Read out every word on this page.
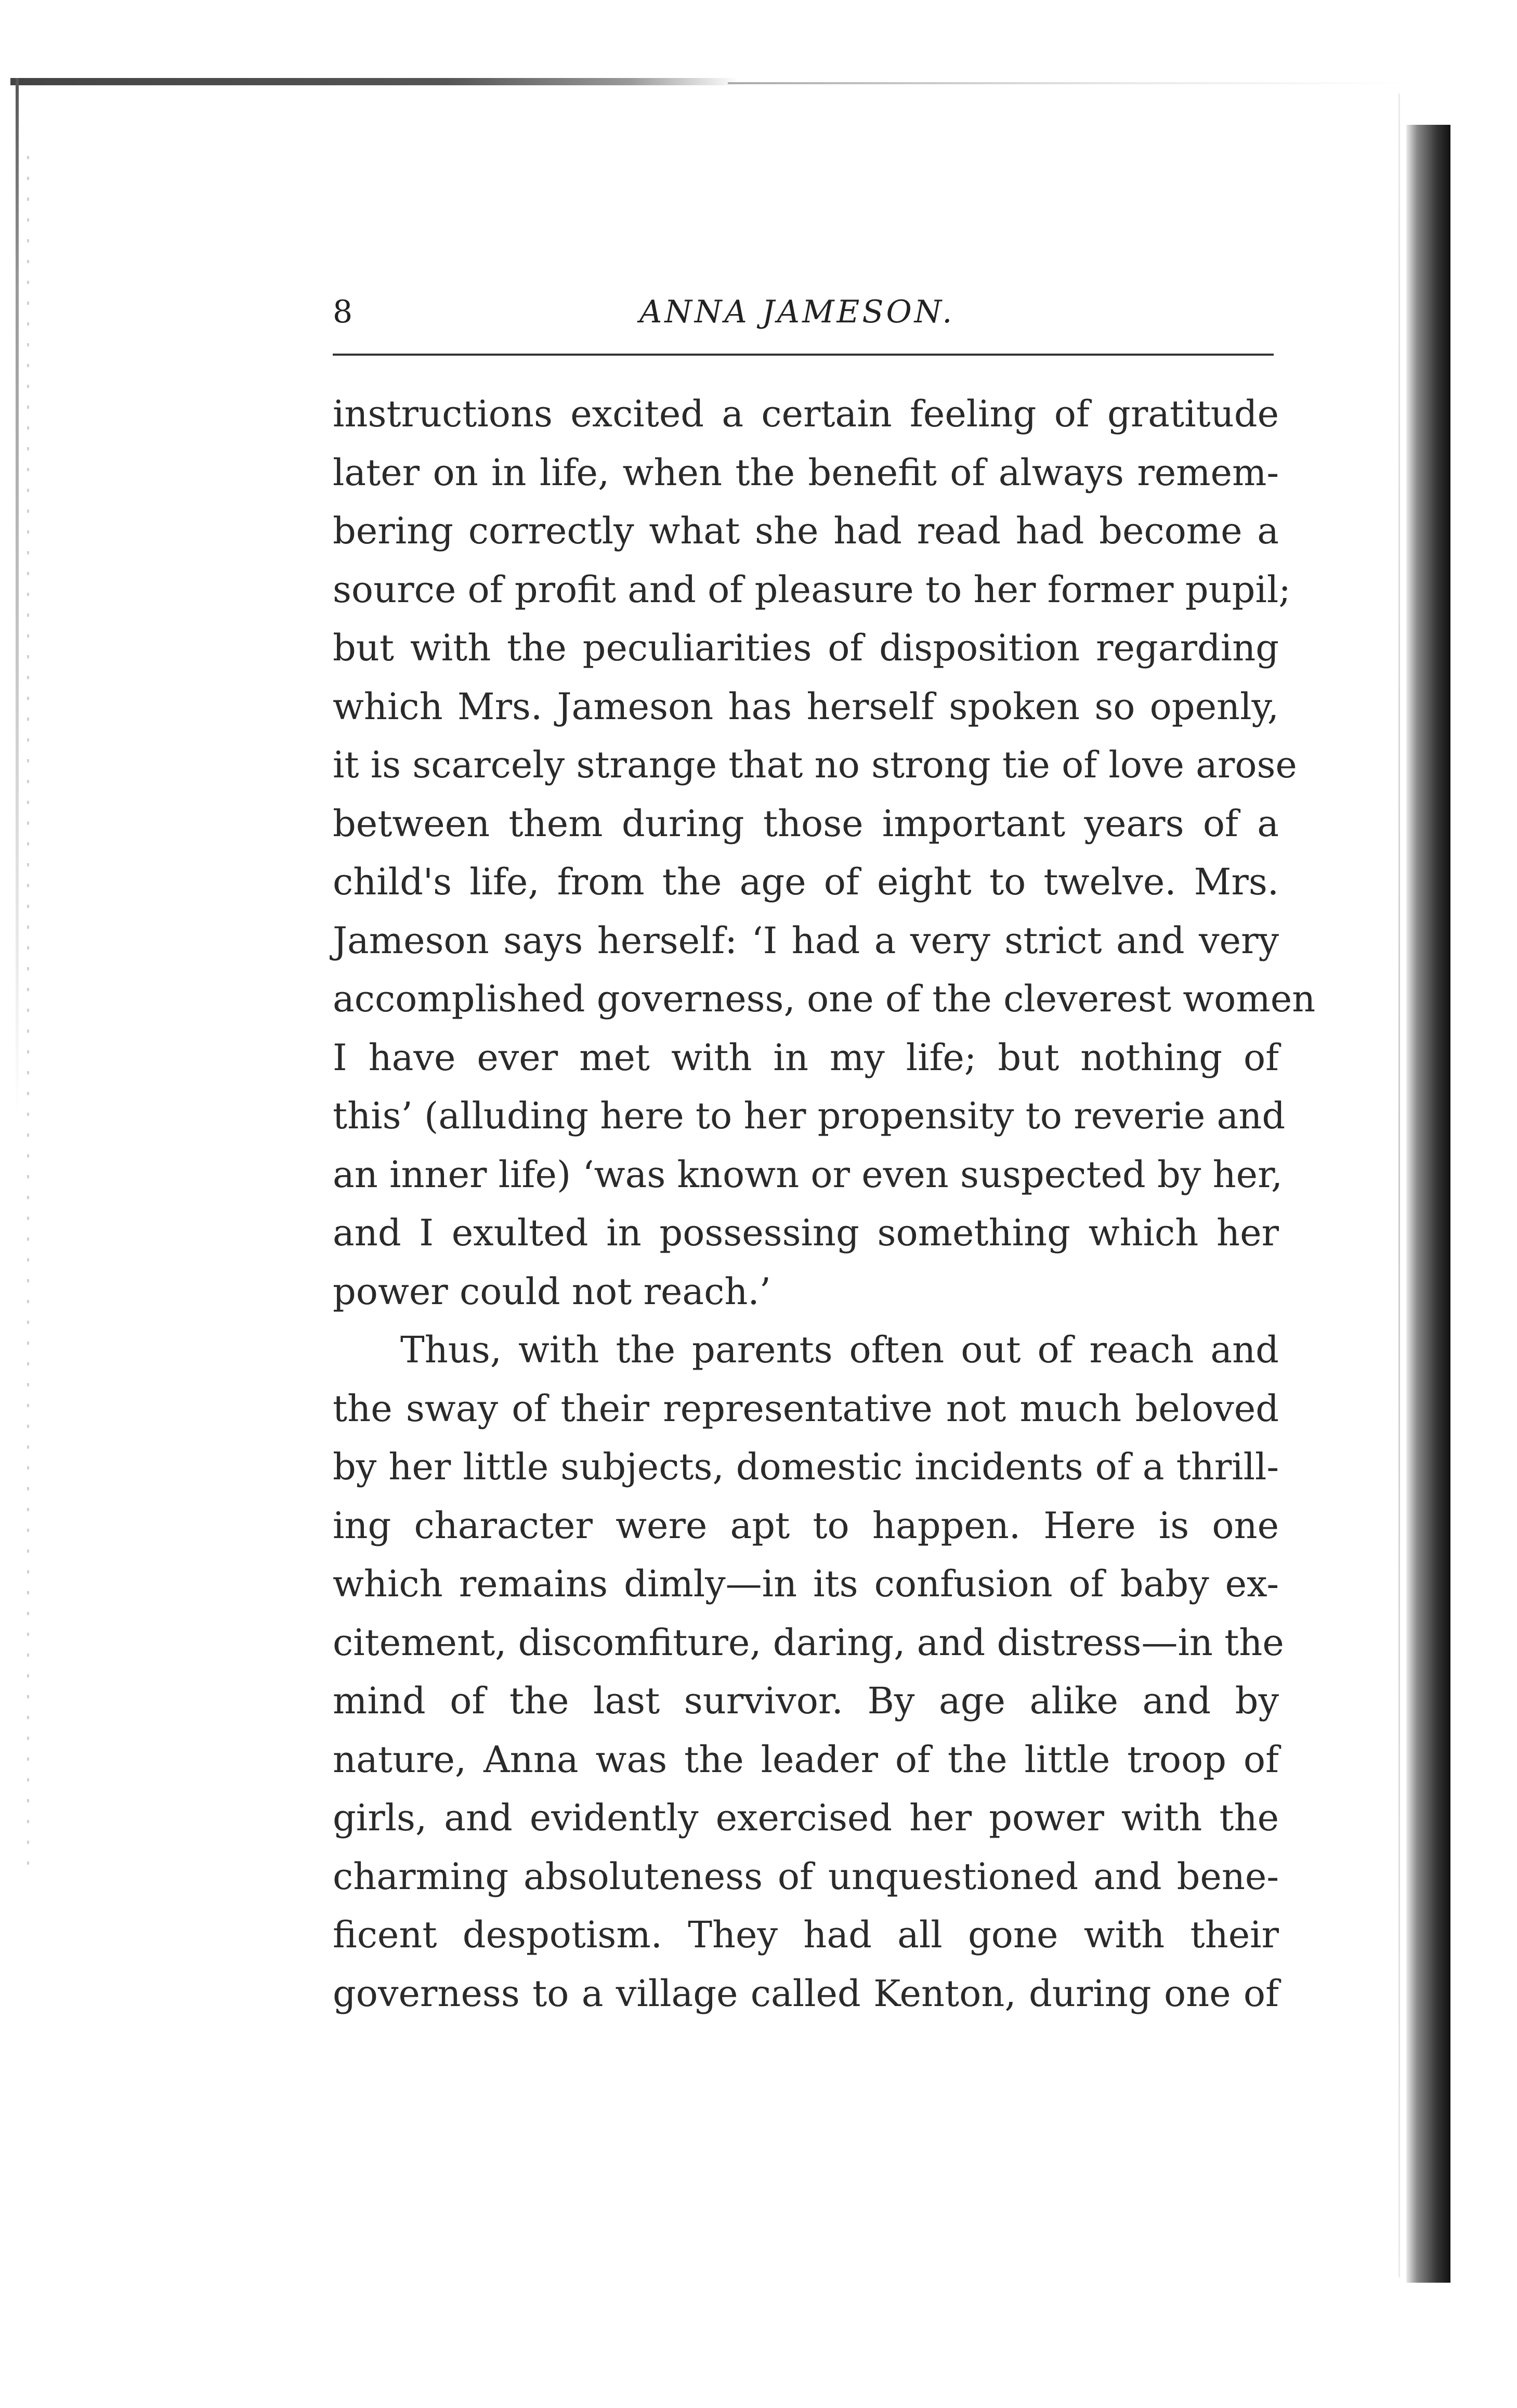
8	ANNA JAMESON.
instructions excited a certain feeling of gratitude
later on in life, when the benefit of always remem-
bering correctly what she had read had become a
source of profit and of pleasure to her former pupil;
but with the peculiarities of disposition regarding
which Mrs. Jameson has herself spoken so openly,
it is scarcely strange that no strong tie of love arose
between them during those important years of a
child's life, from the age of eight to twelve. Mrs.
Jameson says herself: ‘I had a very strict and very
accomplished governess, one of the cleverest women
I have ever met with in my life; but nothing of
this’ (alluding here to her propensity to reverie and
an inner life) ‘was known or even suspected by her,
and I exulted in possessing something which her
power could not reach.’
Thus, with the parents often out of reach and
the sway of their representative not much beloved
by her little subjects, domestic incidents of a thrill-
ing character were apt to happen. Here is one
which remains dimly—in its confusion of baby ex-
citement, discomfiture, daring, and distress—in the
mind of the last survivor. By age alike and by
nature, Anna was the leader of the little troop of
girls, and evidently exercised her power with the
charming absoluteness of unquestioned and bene-
ficent despotism. They had all gone with their
governess to a village called Kenton, during one of
